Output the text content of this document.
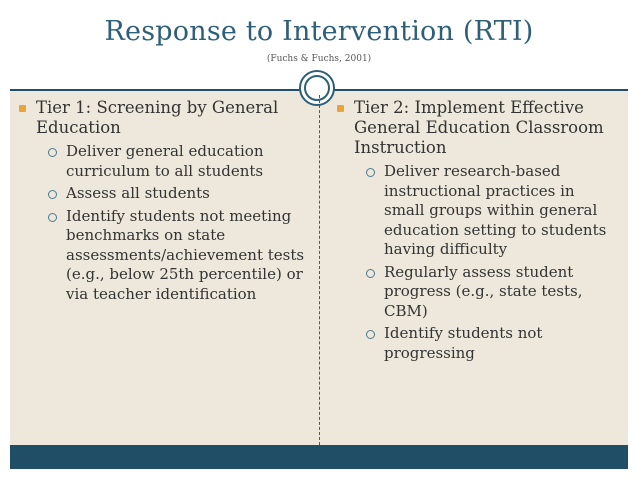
Response to Intervention (RTI)
(Fuchs & Fuchs, 2001)
Tier 1: Screening by General Education
Deliver general education curriculum to all students
Assess all students
Identify students not meeting benchmarks on state assessments/achievement tests (e.g., below 25th percentile) or via teacher identification
Tier 2: Implement Effective General Education Classroom Instruction
Deliver research-based instructional practices in small groups within general education setting to students having difficulty
Regularly assess student progress (e.g., state tests, CBM)
Identify students not progressing
